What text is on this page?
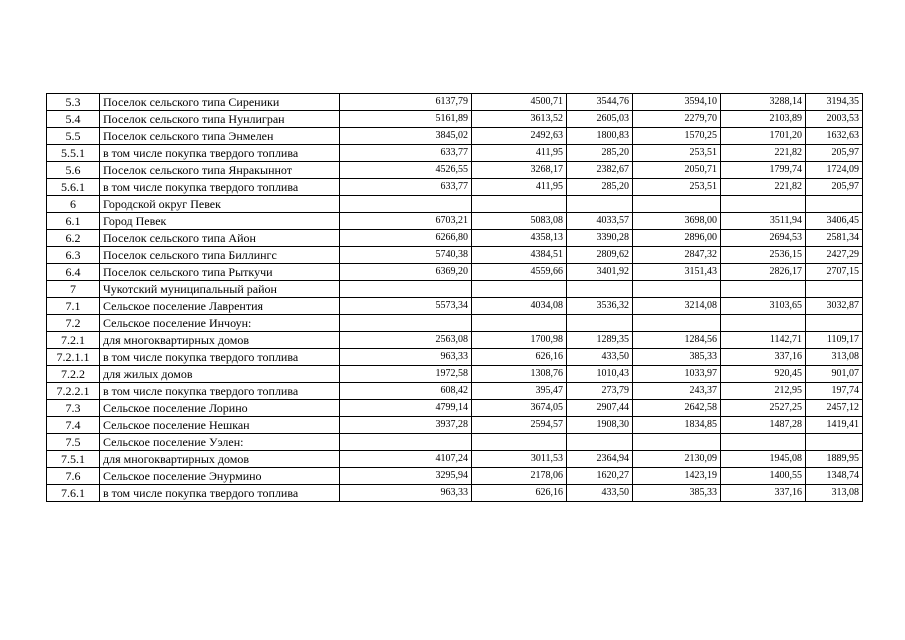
5.3	Поселок сельского типа Сиреники	6137,79	4500,71	3544,76	3594,10	3288,14	3194,35
5.4	Поселок сельского типа Нунлигран	5161,89	3613,52	2605,03	2279,70	2103,89	2003,53
5.5	Поселок сельского типа Энмелен	3845,02	2492,63	1800,83	1570,25	1701,20	1632,63
5.5.1	в том числе покупка твердого топлива	633,77	411,95	285,20	253,51	221,82	205,97
5.6	Поселок сельского типа Янракыннот	4526,55	3268,17	2382,67	2050,71	1799,74	1724,09
5.6.1	в том числе покупка твердого топлива	633,77	411,95	285,20	253,51	221,82	205,97
6	Городской округ Певек						
6.1	Город Певек	6703,21	5083,08	4033,57	3698,00	3511,94	3406,45
6.2	Поселок сельского типа Айон	6266,80	4358,13	3390,28	2896,00	2694,53	2581,34
6.3	Поселок сельского типа Биллингс	5740,38	4384,51	2809,62	2847,32	2536,15	2427,29
6.4	Поселок сельского типа Рыткучи	6369,20	4559,66	3401,92	3151,43	2826,17	2707,15
7	Чукотский муниципальный район						
7.1	Сельское поселение Лаврентия	5573,34	4034,08	3536,32	3214,08	3103,65	3032,87
7.2	Сельское поселение Инчоун:						
7.2.1	для многоквартирных домов	2563,08	1700,98	1289,35	1284,56	1142,71	1109,17
7.2.1.1	в том числе покупка твердого топлива	963,33	626,16	433,50	385,33	337,16	313,08
7.2.2	для жилых домов	1972,58	1308,76	1010,43	1033,97	920,45	901,07
7.2.2.1	в том числе покупка твердого топлива	608,42	395,47	273,79	243,37	212,95	197,74
7.3	Сельское поселение Лорино	4799,14	3674,05	2907,44	2642,58	2527,25	2457,12
7.4	Сельское поселение Нешкан	3937,28	2594,57	1908,30	1834,85	1487,28	1419,41
7.5	Сельское поселение Уэлен:						
7.5.1	для многоквартирных домов	4107,24	3011,53	2364,94	2130,09	1945,08	1889,95
7.6	Сельское поселение Энурмино	3295,94	2178,06	1620,27	1423,19	1400,55	1348,74
7.6.1	в том числе покупка твердого топлива	963,33	626,16	433,50	385,33	337,16	313,08
